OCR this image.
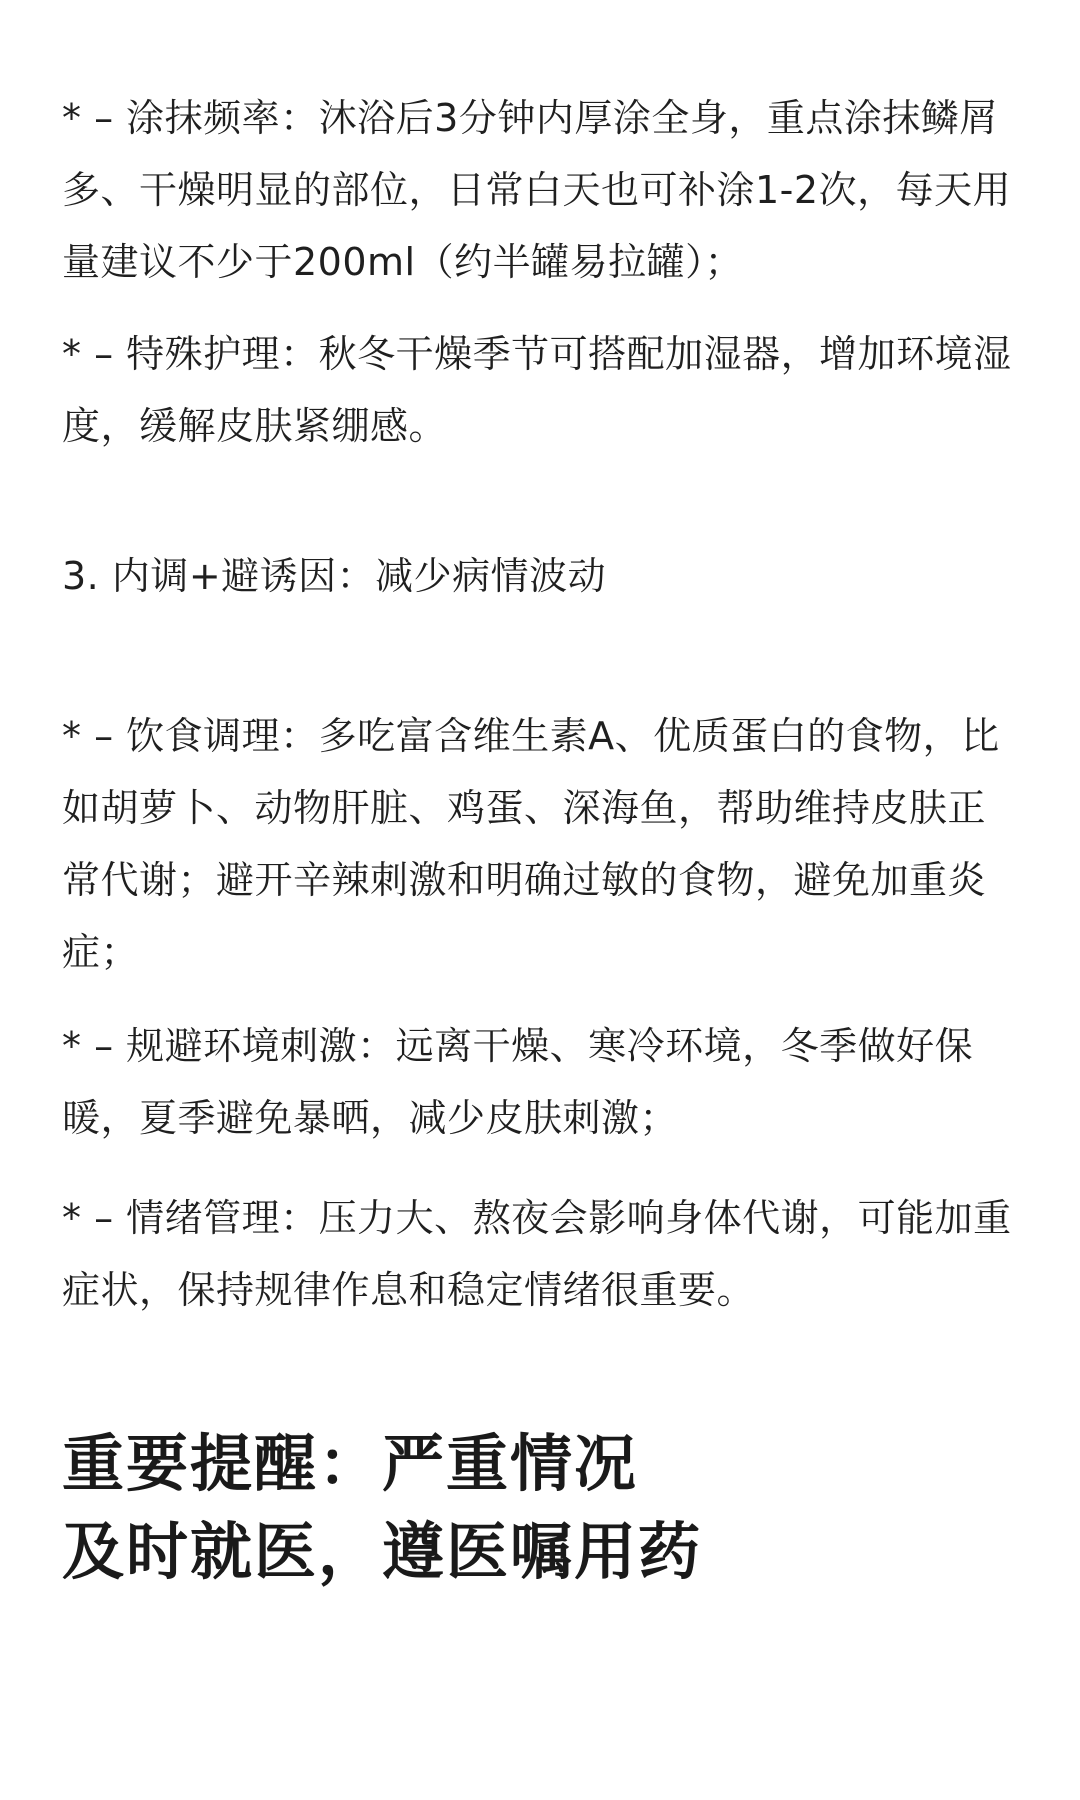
* – 涂抹频率：沐浴后3分钟内厚涂全身，重点涂抹鳞屑多、干燥明显的部位，日常白天也可补涂1-2次，每天用量建议不少于200ml（约半罐易拉罐）；

* – 特殊护理：秋冬干燥季节可搭配加湿器，增加环境湿度，缓解皮肤紧绷感。

3. 内调+避诱因：减少病情波动

* – 饮食调理：多吃富含维生素A、优质蛋白的食物，比如胡萝卜、动物肝脏、鸡蛋、深海鱼，帮助维持皮肤正常代谢；避开辛辣刺激和明确过敏的食物，避免加重炎症；

* – 规避环境刺激：远离干燥、寒冷环境，冬季做好保暖，夏季避免暴晒，减少皮肤刺激；

* – 情绪管理：压力大、熬夜会影响身体代谢，可能加重症状，保持规律作息和稳定情绪很重要。

重要提醒：严重情况
及时就医，遵医嘱用药
